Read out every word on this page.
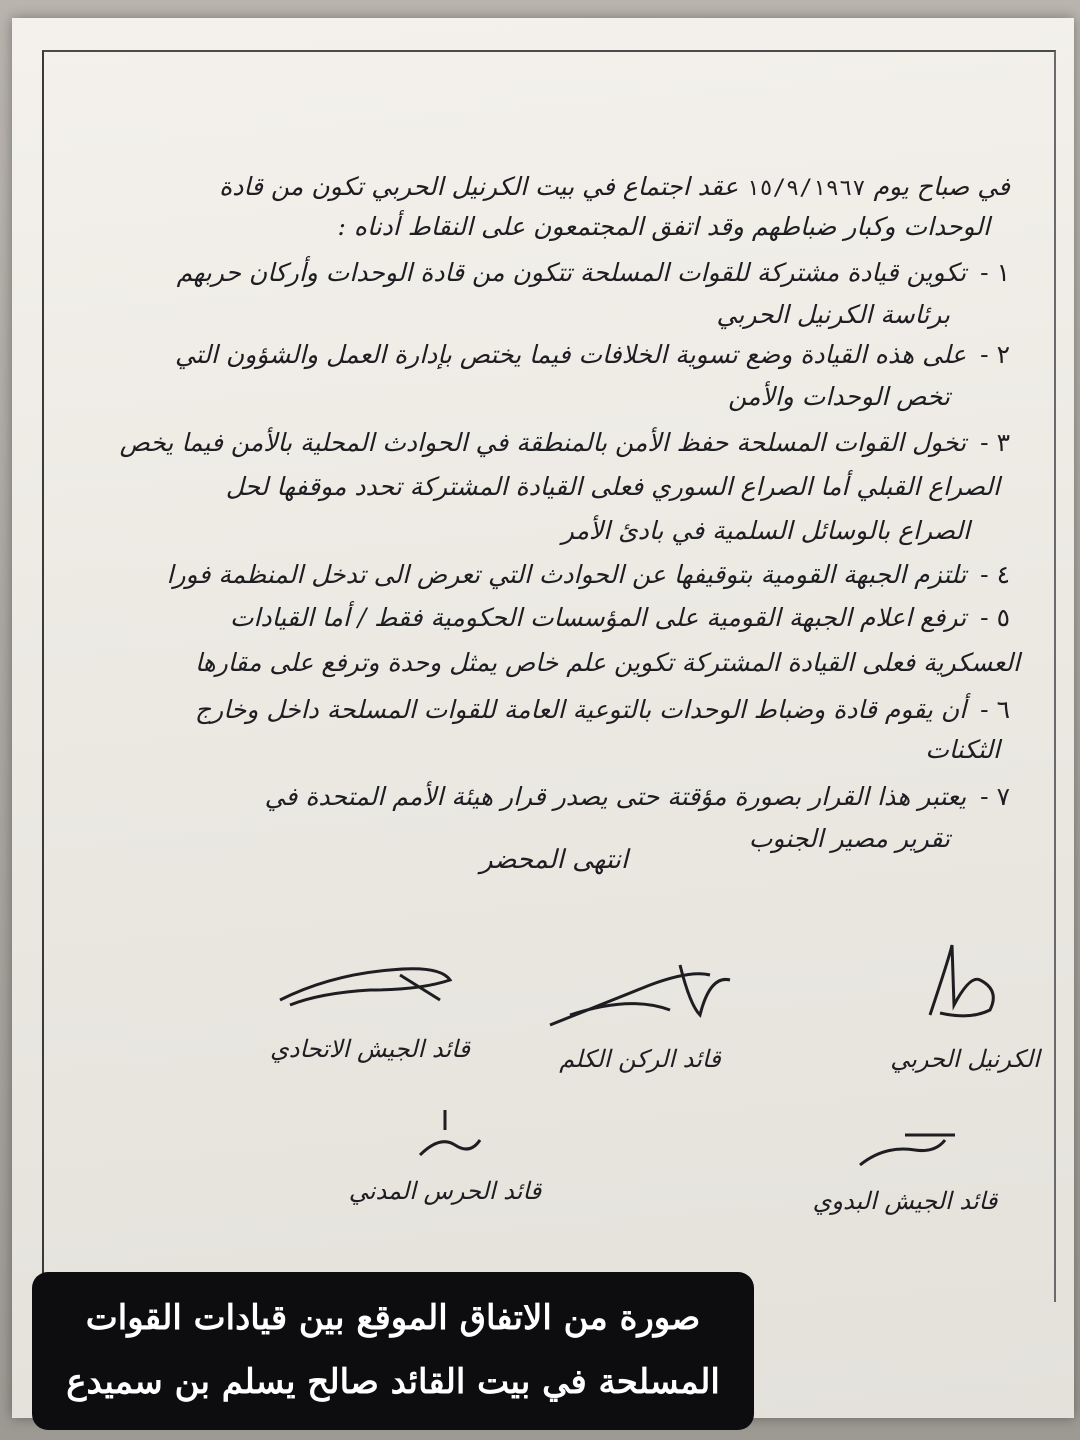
في صباح يوم ١٥/٩/١٩٦٧ عقد اجتماع في بيت الكرنيل الحربي تكون من قادة
الوحدات وكبار ضباطهم وقد اتفق المجتمعون على النقاط أدناه :
١ -تكوين قيادة مشتركة للقوات المسلحة تتكون من قادة الوحدات وأركان حربهم
برئاسة الكرنيل الحربي
٢ -على هذه القيادة وضع تسوية الخلافات فيما يختص بإدارة العمل والشؤون التي
تخص الوحدات والأمن
٣ -تخول القوات المسلحة حفظ الأمن بالمنطقة في الحوادث المحلية بالأمن فيما يخص
الصراع القبلي أما الصراع السوري فعلى القيادة المشتركة تحدد موقفها لحل
الصراع بالوسائل السلمية في بادئ الأمر
٤ -تلتزم الجبهة القومية بتوقيفها عن الحوادث التي تعرض الى تدخل المنظمة فورا
٥ -ترفع اعلام الجبهة القومية على المؤسسات الحكومية فقط / أما القيادات
العسكرية فعلى القيادة المشتركة تكوين علم خاص يمثل وحدة وترفع على مقارها
٦ -أن يقوم قادة وضباط الوحدات بالتوعية العامة للقوات المسلحة داخل وخارج
الثكنات
٧ -يعتبر هذا القرار بصورة مؤقتة حتى يصدر قرار هيئة الأمم المتحدة في
تقرير مصير الجنوب
انتهى المحضر
الكرنيل الحربي
قائد الركن الكلم
قائد الجيش الاتحادي
قائد الجيش البدوي
قائد الحرس المدني
صورة من الاتفاق الموقع بين قيادات القوات
المسلحة في بيت القائد صالح يسلم بن سميدع
